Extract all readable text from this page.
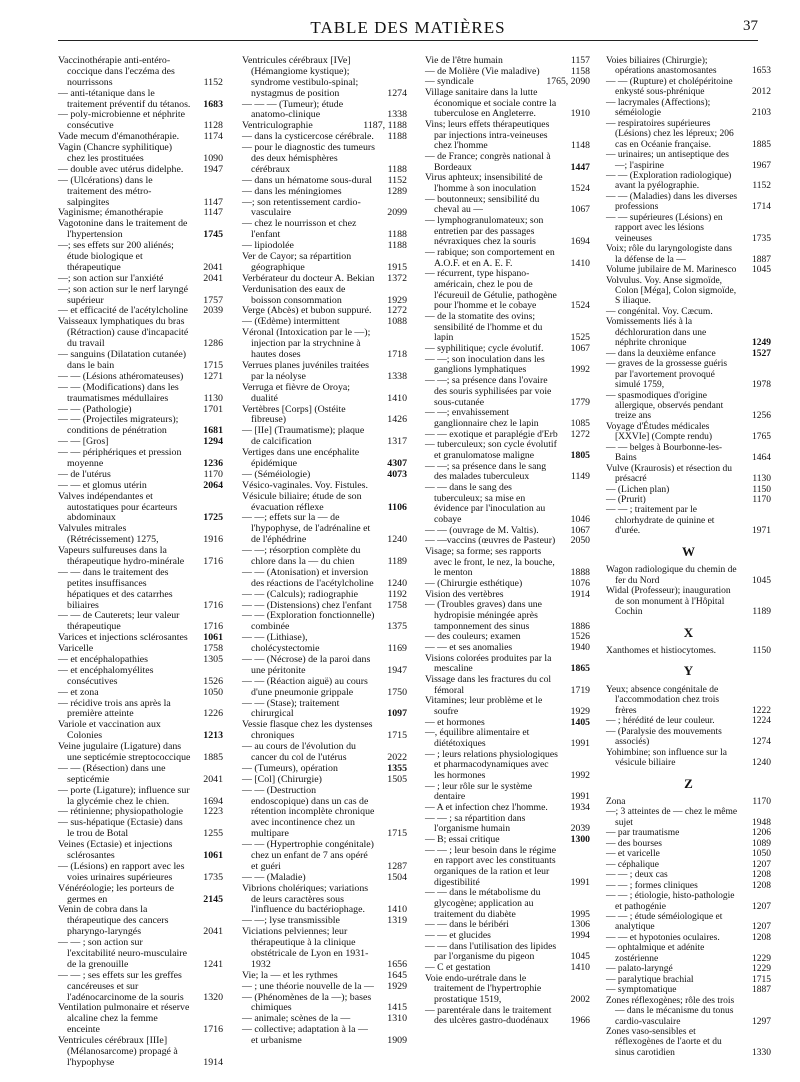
TABLE DES MATIÈRES	37
Vaccinothérapie anti-entéro-coccique dans l'eczéma des nourrissons	1152
— anti-tétanique dans le traitement préventif du tétanos. 1683
— poly-microbienne et néphrite consécutive	1128
Vade mecum d'émanothérapie. 1174
Vagin (Chancre syphilitique) chez les prostituées	1090
— double avec utérus didelphe. 1947
— (Ulcérations) dans le traitement des métro-salpingites	1147
Vaginisme; émanothérapie	1147
Vagotonine dans le traitement de l'hypertension	1745
—; ses effets sur 200 aliénés; étude biologique et thérapeutique	2041
—; son action sur l'anxiété	2041
—; son action sur le nerf laryngé supérieur	1757
— et efficacité de l'acétylcholine 2039
Vaisseaux lymphatiques du bras (Rétraction) cause d'incapacité du travail	1286
— sanguins (Dilatation cutanée) dans le bain	1715
— — (Lésions athéromateuses) 1271
— — (Modifications) dans les traumatismes médullaires	1130
— — (Pathologie)	1701
— — (Projectiles migrateurs); conditions de pénétration	1681
— — [Gros]	1294
— — périphériques et pression moyenne	1236
— de l'utérus	1170
— — et glomus utérin	2064
Valves indépendantes et autostatiques pour écarteurs abdominaux	1725
Valvules mitrales (Rétrécissement) 1275,	1916
Vapeurs sulfureuses dans la thérapeutique hydro-minérale 1716
— — dans le traitement des petites insuffisances hépatiques et des catarrhes biliaires	1716
— — de Cauterets; leur valeur thérapeutique	1716
Varices et injections sclérosantes 1061
Varicelle	1758
— et encéphalopathies	1305
— et encéphalomyélites consécutives	1526
— et zona	1050
— récidive trois ans après la première atteinte	1226
Variole et vaccination aux Colonies	1213
Veine jugulaire (Ligature) dans une septicémie streptococcique 1885
— — (Résection) dans une septicémie	2041
— porte (Ligature); influence sur la glycémie chez le chien.	1694
— rétinienne; physiopathologie 1223
— sus-hépatique (Ectasie) dans le trou de Botal	1255
Veines (Ectasie) et injections sclérosantes	1061
— (Lésions) en rapport avec les voies urinaires supérieures	1735
Vénéréologie; les porteurs de germes en	2145
Venin de cobra dans la thérapeutique des cancers pharyngo-laryngés	2041
— — ; son action sur l'excitabilité neuro-musculaire de la grenouille	1241
— — ; ses effets sur les greffes cancéreuses et sur l'adénocarcinome de la souris 1320
Ventilation pulmonaire et réserve alcaline chez la femme enceinte	1716
Ventricules cérébraux [IIIe] (Mélanosarcome) propagé à l'hypophyse	1914
Ventricules cérébraux [IVe] (Hémangiome kystique); syndrome vestibulo-spinal; nystagmus de position	1274
— — — (Tumeur); étude anatomo-clinique	1338
Ventriculographie	1187, 1188
— dans la cysticercose cérébrale. 1188
— pour le diagnostic des tumeurs des deux hémisphères cérébraux	1188
— dans un hématome sous-dural 1152
— dans les méningiomes	1289
—; son retentissement cardio-vasculaire	2099
— chez le nourrisson et chez l'enfant	1188
— lipiodolée	1188
Ver de Cayor; sa répartition géographique	1915
Verbérateur du docteur A. Bekian 1372
Verdunisation des eaux de boisson consommation	1929
Verge (Abcès) et bubon suppuré. 1272
— (Œdème) intermittent	1088
Véronal (Intoxication par le —); injection par la strychnine à hautes doses	1718
Verrues planes juvéniles traitées par la néolyse	1338
Verruga et fièvre de Oroya; dualité	1410
Vertèbres [Corps] (Ostéite fibreuse)	1426
— [IIe] (Traumatisme); plaque de calcification	1317
Vertiges dans une encéphalite épidémique	4307
— (Séméiologie)	4073
Vésico-vaginales. Voy. Fistules.
Vésicule biliaire; étude de son évacuation réflexe	1106
— —; effets sur la — de l'hypophyse, de l'adrénaline et de l'éphédrine	1240
— —; résorption complète du chlore dans la — du chien	1189
— — (Atonisation) et inversion des réactions de l'acétylcholine 1240
— — (Calculs); radiographie	1192
— — (Distensions) chez l'enfant 1758
— — (Exploration fonctionnelle) combinée	1375
— — (Lithiase), cholécystectomie	1169
— — (Nécrose) de la paroi dans une péritonite	1947
— — (Réaction aiguë) au cours d'une pneumonie grippale	1750
— — (Stase); traitement chirurgical	1097
Vessie flasque chez les dystenses chroniques	1715
— au cours de l'évolution du cancer du col de l'utérus	2022
— (Tumeurs), opération	1355
— [Col] (Chirurgie)	1505
— — (Destruction endoscopique) dans un cas de rétention incomplète chronique avec incontinence chez un multipare	1715
— — (Hypertrophie congénitale) chez un enfant de 7 ans opéré et guéri	1287
— — (Maladie)	1504
Vibrions cholériques; variations de leurs caractères sous l'influence du bactériophage. 1410
— —; lyse transmissible	1319
Viciations pelviennes; leur thérapeutique à la clinique obstétricale de Lyon en 1931-1932	1656
Vie; la — et les rythmes	1645
— ; une théorie nouvelle de la — 1929
— (Phénomènes de la —); bases chimiques	1415
— animale; scènes de la —	1310
— collective; adaptation à la — et urbanisme	1909
Vie de l'être humain	1157
— de Molière (Vie maladive)	1158
— syndicale	1765, 2090
Village sanitaire dans la lutte économique et sociale contre la tuberculose en Angleterre.	1910
Vins; leurs effets thérapeutiques par injections intra-veineuses chez l'homme	1148
— de France; congrès national à Bordeaux	1447
Virus aphteux; insensibilité de l'homme à son inoculation	1524
— boutonneux; sensibilité du cheval au —	1067
— lymphogranulomateux; son entretien par des passages névraxiques chez la souris	1694
— rabique; son comportement en A.O.F. et en A. E. F.	1410
— récurrent, type hispano-américain, chez le pou de l'écureuil de Gétulie, pathogène pour l'homme et le cobaye	1524
— de la stomatite des ovins; sensibilité de l'homme et du lapin	1525
— syphilitique; cycle évolutif.	1067
— —; son inoculation dans les ganglions lymphatiques	1992
— —; sa présence dans l'ovaire des souris syphilisées par voie sous-cutanée	1779
— —; envahissement ganglionnaire chez le lapin	1085
— — exotique et paraplégie d'Erb 1272
— tuberculeux; son cycle évolutif et granulomatose maligne	1805
— —; sa présence dans le sang des malades tuberculeux	1149
— — dans le sang des tuberculeux; sa mise en évidence par l'inoculation au cobaye	1046
— — (ouvrage de M. Valtis).	1067
— —vaccins (œuvres de Pasteur) 2050
Visage; sa forme; ses rapports avec le front, le nez, la bouche, le menton	1888
— (Chirurgie esthétique)	1076
Vision des vertèbres	1914
— (Troubles graves) dans une hydropisie méningée après tamponnement des sinus	1886
— des couleurs; examen	1526
— — et ses anomalies	1940
Visions colorées produites par la mescaline	1865
Vissage dans les fractures du col fémoral	1719
Vitamines; leur problème et le soufre	1929
— et hormones	1405
—, équilibre alimentaire et diététoxiques	1991
— ; leurs relations physiologiques et pharmacodynamiques avec les hormones	1992
— ; leur rôle sur le système dentaire	1991
— A et infection chez l'homme. 1934
— — ; sa répartition dans l'organisme humain	2039
— B; essai critique	1300
— — ; leur besoin dans le régime en rapport avec les constituants organiques de la ration et leur digestibilité	1991
— — dans le métabolisme du glycogène; application au traitement du diabète	1995
— — dans le béribéri	1306
— — et glucides	1994
— — dans l'utilisation des lipides par l'organisme du pigeon	1045
— C et gestation	1410
Voie endo-urétrale dans le traitement de l'hypertrophie prostatique 1519,	2002
— parentérale dans le traitement des ulcères gastro-duodénaux 1966
Voies biliaires (Chirurgie); opérations anastomosantes	1653
— — (Rupture) et cholépéritoine enkysté sous-phrénique	2012
— lacrymales (Affections); séméiologie	2103
— respiratoires supérieures (Lésions) chez les lépreux; 206 cas en Océanie française.	1885
— urinaires; un antiseptique des —; l'aspirine	1967
— — (Exploration radiologique) avant la pyélographie.	1152
— — (Maladies) dans les diverses professions	1714
— — supérieures (Lésions) en rapport avec les lésions veineuses	1735
Voix; rôle du laryngologiste dans la défense de la —	1887
Volume jubilaire de M. Marinesco 1045
Volvulus. Voy. Anse sigmoïde, Colon [Méga], Colon sigmoïde, S iliaque.
— congénital. Voy. Cæcum.
Vomissements liés à la déchloruration dans une néphrite chronique	1249
— dans la deuxième enfance	1527
— graves de la grossesse guéris par l'avortement provoqué simulé 1759,	1978
— spasmodiques d'origine allergique, observés pendant treize ans	1256
Voyage d'Études médicales [XXVIe] (Compte rendu)	1765
— — belges à Bourbonne-les-Bains	1464
Vulve (Kraurosis) et résection du présacré	1130
— (Lichen plan)	1150
— (Prurit)	1170
— — ; traitement par le chlorhydrate de quinine et d'urée.	1971
W
Wagon radiologique du chemin de fer du Nord	1045
Widal (Professeur); inauguration de son monument à l'Hôpital Cochin	1189
X
Xanthomes et histiocytomes.	1150
Y
Yeux; absence congénitale de l'accommodation chez trois frères	1222
— ; hérédité de leur couleur.	1224
— (Paralysie des mouvements associés)	1274
Yohimbine; son influence sur la vésicule biliaire	1240
Z
Zona	1170
—; 3 atteintes de — chez le même sujet	1948
— par traumatisme	1206
— des bourses	1089
— et varicelle	1050
— céphalique	1207
— — ; deux cas	1208
— — ; formes cliniques	1208
— — ; étiologie, histo-pathologie et pathogénie	1207
— — ; étude séméiologique et analytique	1207
— — et hypotonies oculaires.	1208
— ophtalmique et adénite zostérienne	1229
— palato-laryngé	1229
— paralytique brachial	1715
— symptomatique	1887
Zones réflexogènes; rôle des trois — dans le mécanisme du tonus cardio-vasculaire	1297
Zones vaso-sensibles et réflexogènes de l'aorte et du sinus carotidien	1330
